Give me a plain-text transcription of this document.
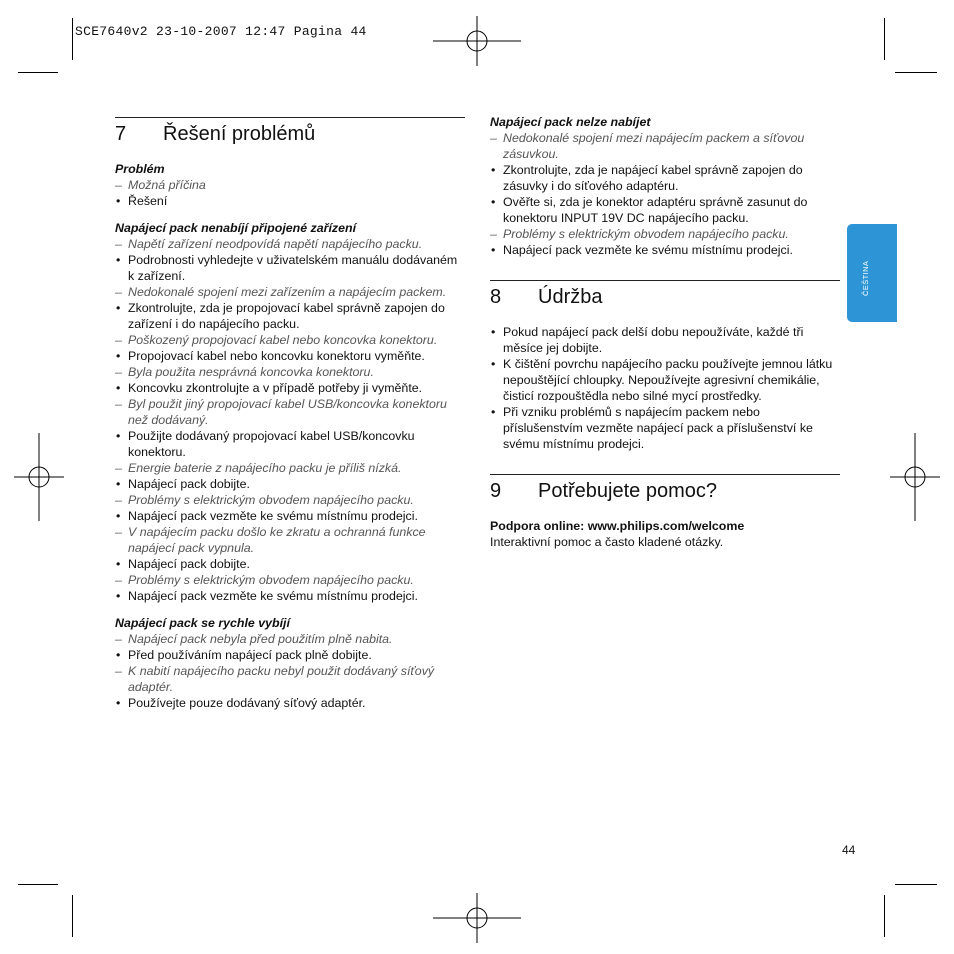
SCE7640v2 23-10-2007 12:47 Pagina 44
7	Řešení problémů
Problém
– Možná příčina
• Řešení
Napájecí pack nenabíjí připojené zařízení
– Napětí zařízení neodpovídá napětí napájecího packu.
• Podrobnosti vyhledejte v uživatelském manuálu dodávaném k zařízení.
– Nedokonalé spojení mezi zařízením a napájecím packem.
• Zkontrolujte, zda je propojovací kabel správně zapojen do zařízení i do napájecího packu.
– Poškozený propojovací kabel nebo koncovka konektoru.
• Propojovací kabel nebo koncovku konektoru vyměňte.
– Byla použita nesprávná koncovka konektoru.
• Koncovku zkontrolujte a v případě potřeby ji vyměňte.
– Byl použit jiný propojovací kabel USB/koncovka konektoru než dodávaný.
• Použijte dodávaný propojovací kabel USB/koncovku konektoru.
– Energie baterie z napájecího packu je příliš nízká.
• Napájecí pack dobijte.
– Problémy s elektrickým obvodem napájecího packu.
• Napájecí pack vezměte ke svému místnímu prodejci.
– V napájecím packu došlo ke zkratu a ochranná funkce napájecí pack vypnula.
• Napájecí pack dobijte.
– Problémy s elektrickým obvodem napájecího packu.
• Napájecí pack vezměte ke svému místnímu prodejci.
Napájecí pack se rychle vybíjí
– Napájecí pack nebyla před použitím plně nabita.
• Před používáním napájecí pack plně dobijte.
– K nabití napájecího packu nebyl použit dodávaný síťový adaptér.
• Používejte pouze dodávaný síťový adaptér.
Napájecí pack nelze nabíjet
– Nedokonalé spojení mezi napájecím packem a síťovou zásuvkou.
• Zkontrolujte, zda je napájecí kabel správně zapojen do zásuvky i do síťového adaptéru.
• Ověřte si, zda je konektor adaptéru správně zasunut do konektoru INPUT 19V DC napájecího packu.
– Problémy s elektrickým obvodem napájecího packu.
• Napájecí pack vezměte ke svému místnímu prodejci.
8	Údržba
• Pokud napájecí pack delší dobu nepoužíváte, každé tři měsíce jej dobijte.
• K čištění povrchu napájecího packu používejte jemnou látku nepouštějící chloupky. Nepoužívejte agresivní chemikálie, čisticí rozpouštědla nebo silné mycí prostředky.
• Při vzniku problémů s napájecím packem nebo příslušenstvím vezměte napájecí pack a příslušenství ke svému místnímu prodejci.
9	Potřebujete pomoc?
Podpora online: www.philips.com/welcome
Interaktivní pomoc a často kladené otázky.
ČEŠTINA
44
